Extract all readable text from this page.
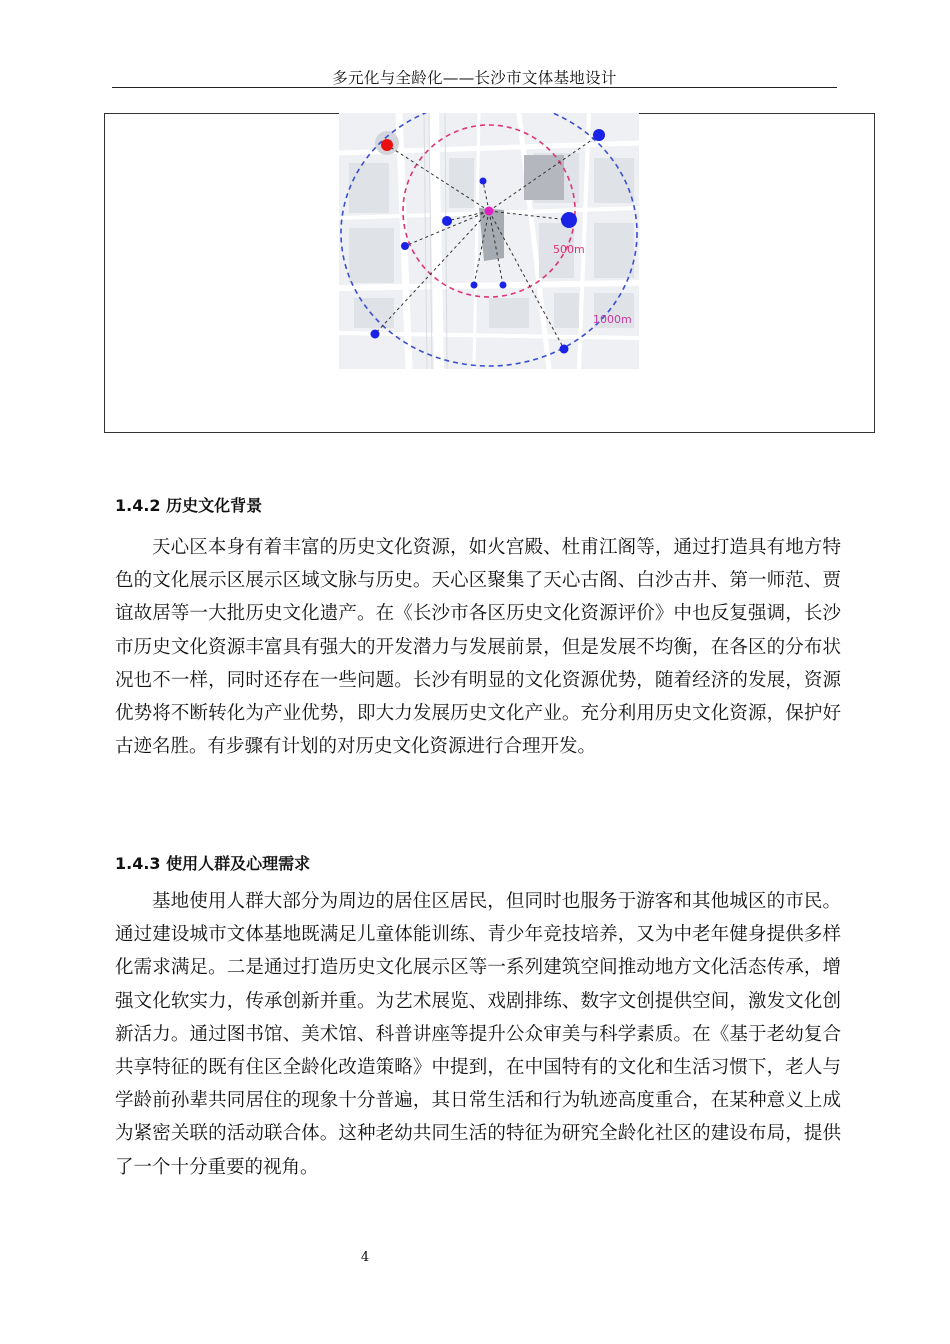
多元化与全龄化——长沙市文体基地设计
500m
1000m
1.4.2 历史文化背景

天心区本身有着丰富的历史文化资源，如火宫殿、杜甫江阁等，通过打造具有地方特色的文化展示区展示区域文脉与历史。天心区聚集了天心古阁、白沙古井、第一师范、贾谊故居等一大批历史文化遗产。在《长沙市各区历史文化资源评价》中也反复强调，长沙市历史文化资源丰富具有强大的开发潜力与发展前景，但是发展不均衡，在各区的分布状况也不一样，同时还存在一些问题。长沙有明显的文化资源优势，随着经济的发展，资源优势将不断转化为产业优势，即大力发展历史文化产业。充分利用历史文化资源，保护好古迹名胜。有步骤有计划的对历史文化资源进行合理开发。

1.4.3 使用人群及心理需求

基地使用人群大部分为周边的居住区居民，但同时也服务于游客和其他城区的市民。通过建设城市文体基地既满足儿童体能训练、青少年竞技培养，又为中老年健身提供多样化需求满足。二是通过打造历史文化展示区等一系列建筑空间推动地方文化活态传承，增强文化软实力，传承创新并重。为艺术展览、戏剧排练、数字文创提供空间，激发文化创新活力。通过图书馆、美术馆、科普讲座等提升公众审美与科学素质。在《基于老幼复合共享特征的既有住区全龄化改造策略》中提到，在中国特有的文化和生活习惯下，老人与学龄前孙辈共同居住的现象十分普遍，其日常生活和行为轨迹高度重合，在某种意义上成为紧密关联的活动联合体。这种老幼共同生活的特征为研究全龄化社区的建设布局，提供了一个十分重要的视角。

4
